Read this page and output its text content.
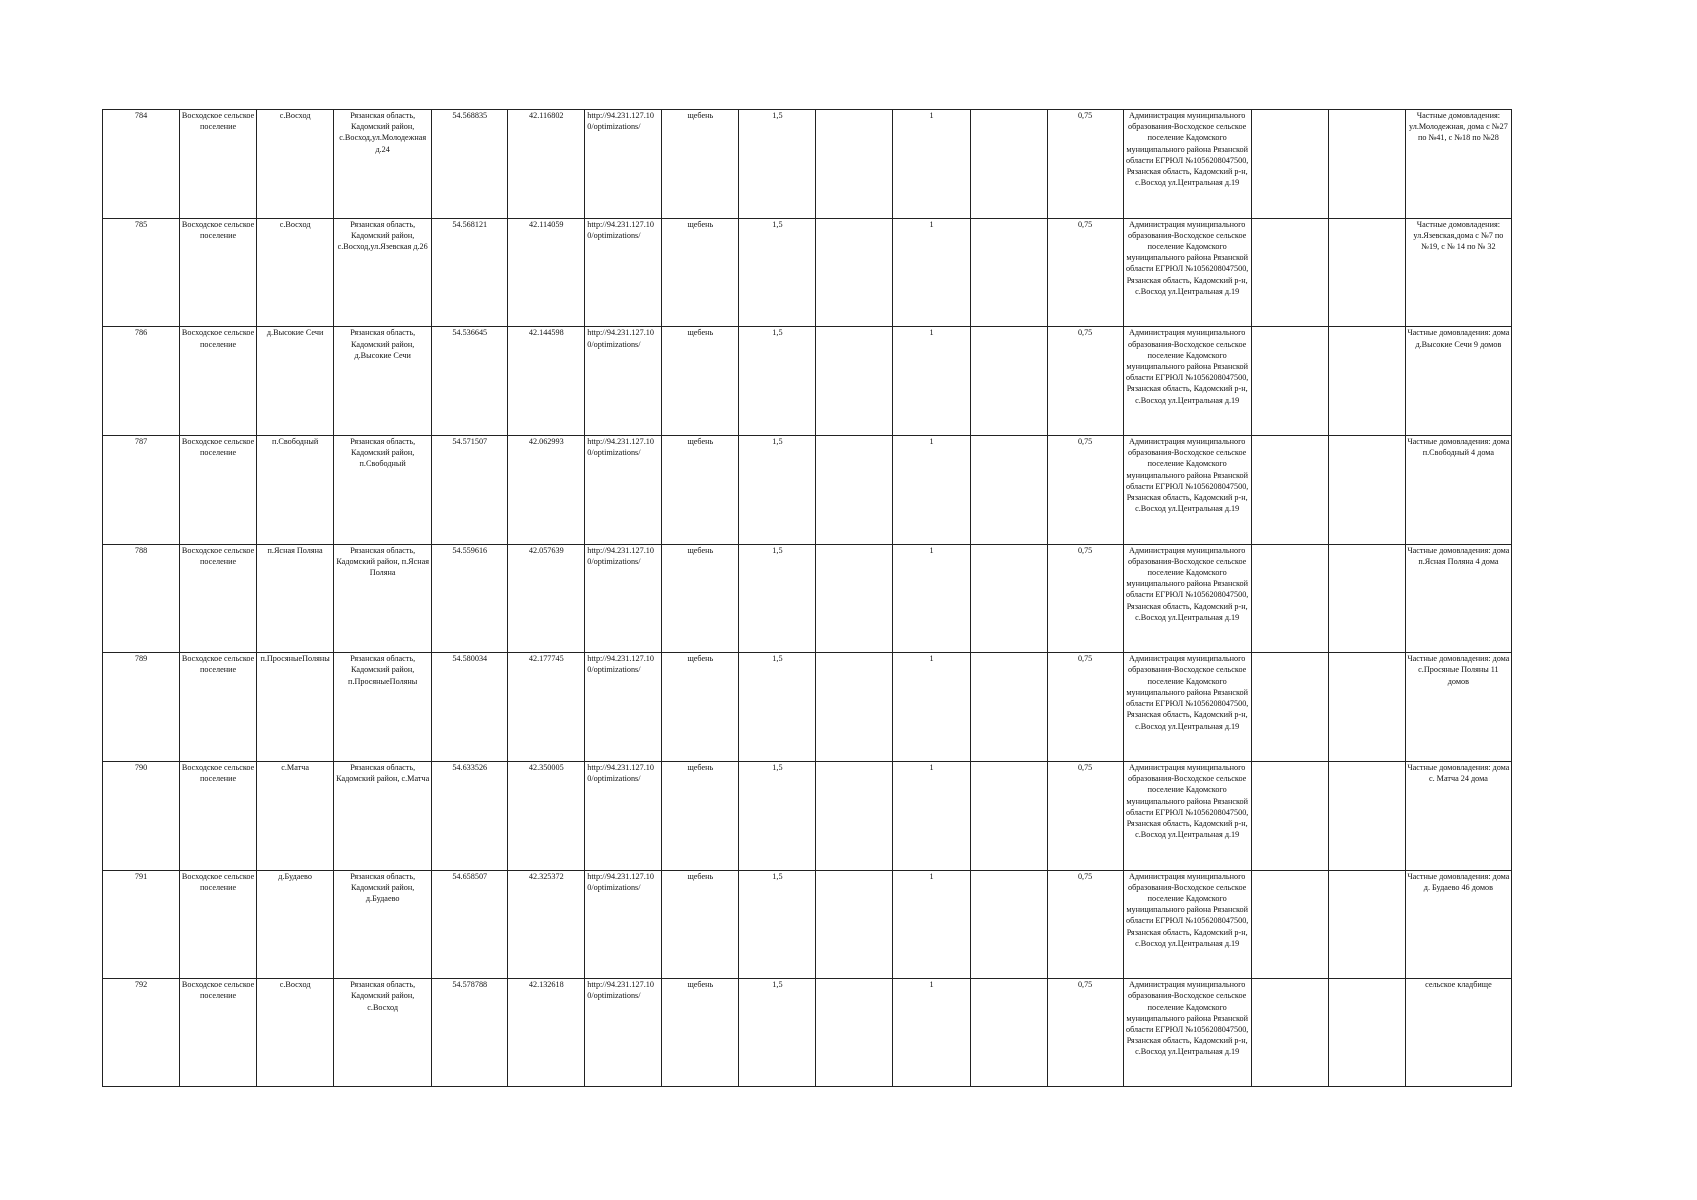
784	Восходское сельское поселение	с.Восход	Рязанская область, Кадомский район, с.Восход,ул.Молодежная д.24	54.568835	42.116802	http://94.231.127.10 0/optimizations/	щебень	1,5		1		0,75	Администрация муниципального образования-Восходское сельское поселение Кадомского муниципального района Рязанской области ЕГРЮЛ №1056208047500, Рязанская область, Кадомский р-н, с.Восход ул.Центральная д.19			Частные домовладения: ул.Молодежная, дома с №27 по №41, с №18 по №28
785	Восходское сельское поселение	с.Восход	Рязанская область, Кадомский район, с.Восход,ул.Язевская д.26	54.568121	42.114059	http://94.231.127.10 0/optimizations/	щебень	1,5		1		0,75	Администрация муниципального образования-Восходское сельское поселение Кадомского муниципального района Рязанской области ЕГРЮЛ №1056208047500, Рязанская область, Кадомский р-н, с.Восход ул.Центральная д.19			Частные домовладения: ул.Язевская,дома с №7 по №19, с № 14 по № 32
786	Восходское сельское поселение	д.Высокие Сечи	Рязанская область, Кадомский район, д.Высокие Сечи	54.536645	42.144598	http://94.231.127.10 0/optimizations/	щебень	1,5		1		0,75	Администрация муниципального образования-Восходское сельское поселение Кадомского муниципального района Рязанской области ЕГРЮЛ №1056208047500, Рязанская область, Кадомский р-н, с.Восход ул.Центральная д.19			Частные домовладения: дома д.Высокие Сечи 9 домов
787	Восходское сельское поселение	п.Свободный	Рязанская область, Кадомский район, п.Свободный	54.571507	42.062993	http://94.231.127.10 0/optimizations/	щебень	1,5		1		0,75	Администрация муниципального образования-Восходское сельское поселение Кадомского муниципального района Рязанской области ЕГРЮЛ №1056208047500, Рязанская область, Кадомский р-н, с.Восход ул.Центральная д.19			Частные домовладения: дома п.Свободный 4 дома
788	Восходское сельское поселение	п.Ясная Поляна	Рязанская область, Кадомский район, п.Ясная Поляна	54.559616	42.057639	http://94.231.127.10 0/optimizations/	щебень	1,5		1		0,75	Администрация муниципального образования-Восходское сельское поселение Кадомского муниципального района Рязанской области ЕГРЮЛ №1056208047500, Рязанская область, Кадомский р-н, с.Восход ул.Центральная д.19			Частные домовладения: дома п.Ясная Поляна 4 дома
789	Восходское сельское поселение	п.ПросяныеПоляны	Рязанская область, Кадомский район, п.ПросяныеПоляны	54.580034	42.177745	http://94.231.127.10 0/optimizations/	щебень	1,5		1		0,75	Администрация муниципального образования-Восходское сельское поселение Кадомского муниципального района Рязанской области ЕГРЮЛ №1056208047500, Рязанская область, Кадомский р-н, с.Восход ул.Центральная д.19			Частные домовладения: дома с.Просяные Поляны 11 домов
790	Восходское сельское поселение	с.Матча	Рязанская область, Кадомский район, с.Матча	54.633526	42.350005	http://94.231.127.10 0/optimizations/	щебень	1,5		1		0,75	Администрация муниципального образования-Восходское сельское поселение Кадомского муниципального района Рязанской области ЕГРЮЛ №1056208047500, Рязанская область, Кадомский р-н, с.Восход ул.Центральная д.19			Частные домовладения: дома с. Матча 24 дома
791	Восходское сельское поселение	д.Будаево	Рязанская область, Кадомский район, д.Будаево	54.658507	42.325372	http://94.231.127.10 0/optimizations/	щебень	1,5		1		0,75	Администрация муниципального образования-Восходское сельское поселение Кадомского муниципального района Рязанской области ЕГРЮЛ №1056208047500, Рязанская область, Кадомский р-н, с.Восход ул.Центральная д.19			Частные домовладения: дома д. Будаево 46 домов
792	Восходское сельское поселение	с.Восход	Рязанская область, Кадомский район, с.Восход	54.578788	42.132618	http://94.231.127.10 0/optimizations/	щебень	1,5		1		0,75	Администрация муниципального образования-Восходское сельское поселение Кадомского муниципального района Рязанской области ЕГРЮЛ №1056208047500, Рязанская область, Кадомский р-н, с.Восход ул.Центральная д.19			сельское кладбище
